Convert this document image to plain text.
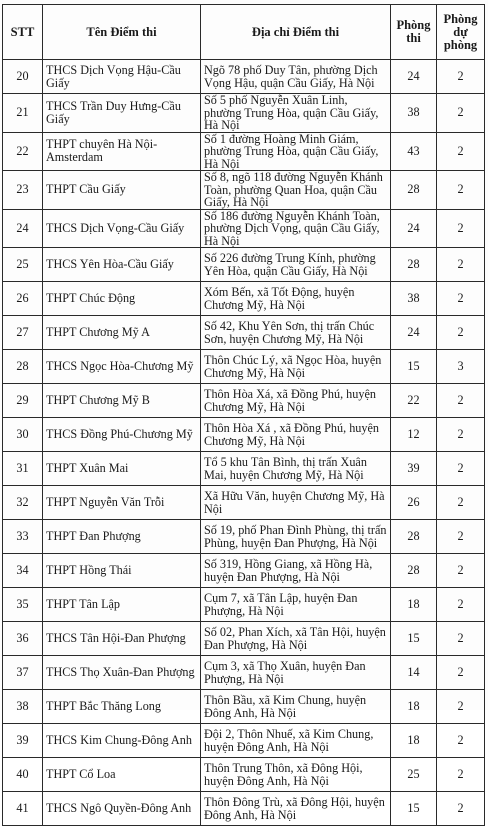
STT	Tên Điểm thi	Địa chỉ Điểm thi	Phòng thi	Phòng dự phòng
20	THCS Dịch Vọng Hậu-Cầu Giấy	Ngõ 78 phố Duy Tân, phường Dịch Vọng Hậu, quận Cầu Giấy, Hà Nội	24	2
21	THCS Trần Duy Hưng-Cầu Giấy	Số 5 phố Nguyễn Xuân Linh, phường Trung Hòa, quận Cầu Giấy, Hà Nội	38	2
22	THPT chuyên Hà Nội-Amsterdam	Số 1 đường Hoàng Minh Giám, phường Trung Hòa, quận Cầu Giấy, Hà Nội	43	2
23	THPT Cầu Giấy	Số 8, ngõ 118 đường Nguyễn Khánh Toàn, phường Quan Hoa, quận Cầu Giấy, Hà Nội	28	2
24	THCS Dịch Vọng-Cầu Giấy	Số 186 đường Nguyễn Khánh Toàn, phường Dịch Vọng, quận Cầu Giấy, Hà Nội	24	2
25	THCS Yên Hòa-Cầu Giấy	Số 226 đường Trung Kính, phường Yên Hòa, quận Cầu Giấy, Hà Nội	28	2
26	THPT Chúc Động	Xóm Bến, xã Tốt Động, huyện Chương Mỹ, Hà Nội	38	2
27	THPT Chương Mỹ A	Số 42, Khu Yên Sơn, thị trấn Chúc Sơn, huyện Chương Mỹ, Hà Nội	24	2
28	THCS Ngọc Hòa-Chương Mỹ	Thôn Chúc Lý, xã Ngọc Hòa, huyện Chương Mỹ, Hà Nội	15	3
29	THPT Chương Mỹ B	Thôn Hòa Xá, xã Đồng Phú, huyện Chương Mỹ, Hà Nội	22	2
30	THCS Đồng Phú-Chương Mỹ	Thôn Hòa Xá , xã Đồng Phú, huyện Chương Mỹ, Hà Nội	12	2
31	THPT Xuân Mai	Tổ 5 khu Tân Bình, thị trấn Xuân Mai, huyện Chương Mỹ, Hà Nội	39	2
32	THPT Nguyễn Văn Trỗi	Xã Hữu Văn, huyện Chương Mỹ, Hà Nội	26	2
33	THPT Đan Phượng	Số 19, phố Phan Đình Phùng, thị trấn Phùng, huyện Đan Phượng, Hà Nội	28	2
34	THPT Hồng Thái	Số 319, Hồng Giang, xã Hồng Hà, huyện Đan Phượng, Hà Nội	28	2
35	THPT Tân Lập	Cụm 7, xã Tân Lập, huyện Đan Phượng, Hà Nội	18	2
36	THCS Tân Hội-Đan Phượng	Số 02, Phan Xích, xã Tân Hội, huyện Đan Phượng, Hà Nội	15	2
37	THCS Thọ Xuân-Đan Phượng	Cụm 3, xã Thọ Xuân, huyện Đan Phượng, Hà Nội	14	2
38	THPT Bắc Thăng Long	Thôn Bầu, xã Kim Chung, huyện Đông Anh, Hà Nội	18	2
39	THCS Kim Chung-Đông Anh	Đội 2, Thôn Nhuế, xã Kim Chung, huyện Đông Anh, Hà Nội	18	2
40	THPT Cổ Loa	Thôn Trung Thôn, xã Đông Hội, huyện Đông Anh, Hà Nội	25	2
41	THCS Ngô Quyền-Đông Anh	Thôn Đông Trù, xã Đông Hội, huyện Đông Anh, Hà Nội	15	2
